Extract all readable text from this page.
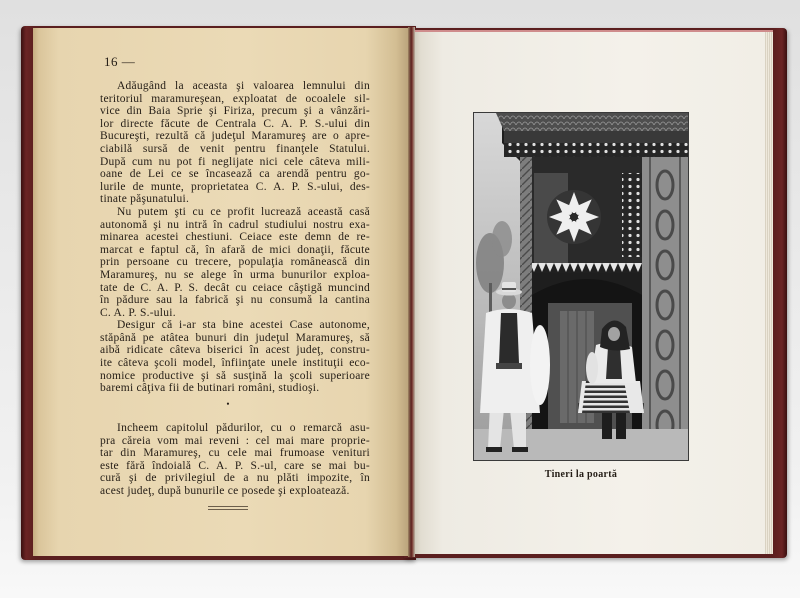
16 —
Adăugând la aceasta şi valoarea lemnului din
teritoriul maramureşean, exploatat de ocoalele sil-
vice din Baia Sprie şi Firiza, precum şi a vânzări-
lor directe făcute de Centrala C. A. P. S.-ului din
Bucureşti, rezultă că judeţul Maramureş are o apre-
ciabilă sursă de venit pentru finanţele Statului.
După cum nu pot fi neglijate nici cele câteva mili-
oane de Lei ce se încasează ca arendă pentru go-
lurile de munte, proprietatea C. A. P. S.-ului, des-
tinate păşunatului.
Nu putem şti cu ce profit lucrează această casă
autonomă şi nu intră în cadrul studiului nostru exa-
minarea acestei chestiuni. Ceiace este demn de re-
marcat e faptul că, în afară de mici donaţii, făcute
prin persoane cu trecere, populaţia românească din
Maramureş, nu se alege în urma bunurilor exploa-
tate de C. A. P. S. decât cu ceiace câştigă muncind
în pădure sau la fabrică şi nu consumă la cantina
C. A. P. S.-ului.
Desigur că i-ar sta bine acestei Case autonome,
stăpână pe atâtea bunuri din judeţul Maramureş, să
aibă ridicate câteva biserici în acest judeţ, constru-
ite câteva şcoli model, înfiinţate unele instituţii eco-
nomice productive şi să susţină la şcoli superioare
baremi câţiva fii de butinari români, studioşi.
•
Incheem capitolul pădurilor, cu o remarcă asu-
pra căreia vom mai reveni : cel mai mare proprie-
tar din Maramureş, cu cele mai frumoase venituri
este fără îndoială C. A. P. S.-ul, care se mai bu-
cură şi de privilegiul de a nu plăti impozite, în
acest judeţ, după bunurile ce posede şi exploatează.
Tineri la poartă
